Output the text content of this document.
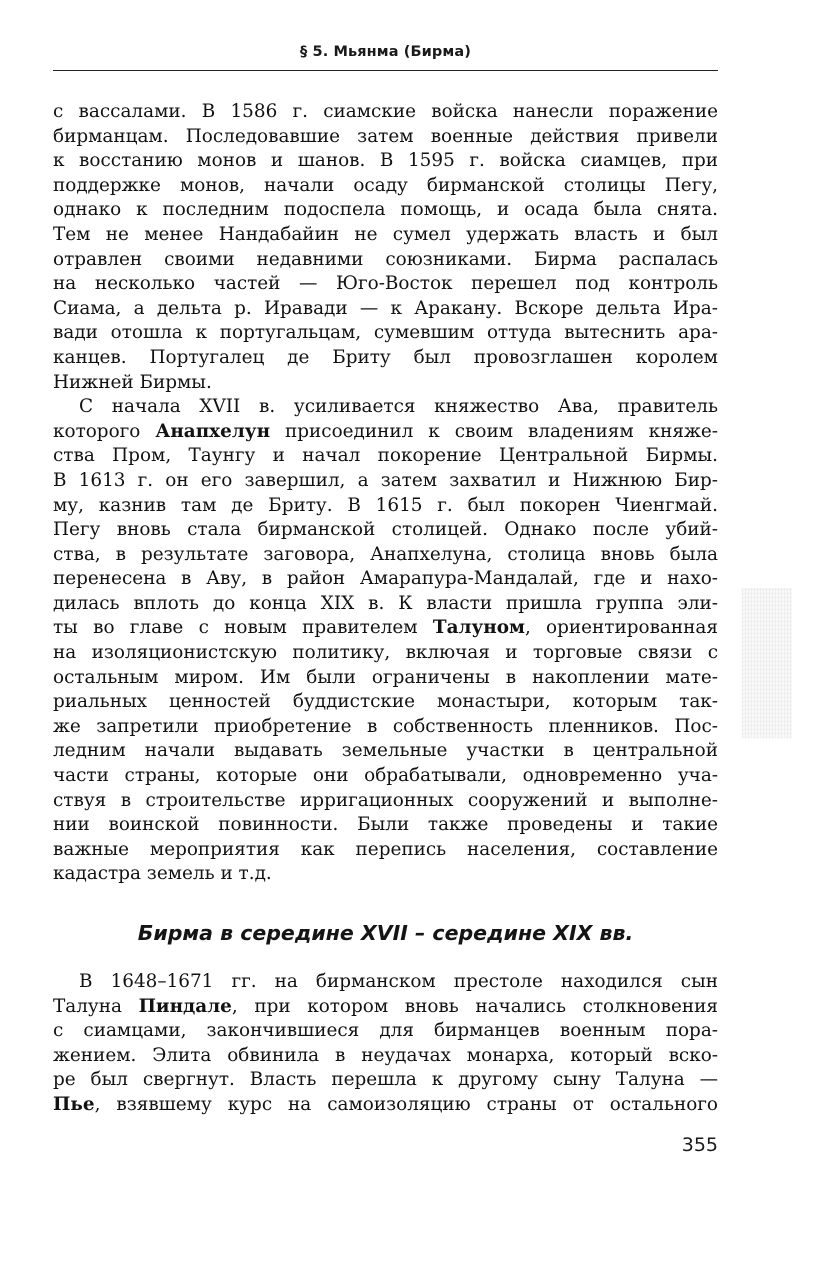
§ 5. Мьянма (Бирма)

с вассалами. В 1586 г. сиамские войска нанесли поражение
бирманцам. Последовавшие затем военные действия привели
к восстанию монов и шанов. В 1595 г. войска сиамцев, при
поддержке монов, начали осаду бирманской столицы Пегу,
однако к последним подоспела помощь, и осада была снята.
Тем не менее Нандабайин не сумел удержать власть и был
отравлен своими недавними союзниками. Бирма распалась
на несколько частей — Юго-Восток перешел под контроль
Сиама, а дельта р. Иравади — к Аракану. Вскоре дельта Ира-
вади отошла к португальцам, сумевшим оттуда вытеснить ара-
канцев. Португалец де Бриту был провозглашен королем
Нижней Бирмы.

С начала XVII в. усиливается княжество Ава, правитель
которого Анапхелун присоединил к своим владениям княже-
ства Пром, Таунгу и начал покорение Центральной Бирмы.
В 1613 г. он его завершил, а затем захватил и Нижнюю Бир-
му, казнив там де Бриту. В 1615 г. был покорен Чиенгмай.
Пегу вновь стала бирманской столицей. Однако после убий-
ства, в результате заговора, Анапхелуна, столица вновь была
перенесена в Аву, в район Амарапура-Мандалай, где и нахо-
дилась вплоть до конца XIX в. К власти пришла группа эли-
ты во главе с новым правителем Талуном, ориентированная
на изоляционистскую политику, включая и торговые связи с
остальным миром. Им были ограничены в накоплении мате-
риальных ценностей буддистские монастыри, которым так-
же запретили приобретение в собственность пленников. Пос-
ледним начали выдавать земельные участки в центральной
части страны, которые они обрабатывали, одновременно уча-
ствуя в строительстве ирригационных сооружений и выполне-
нии воинской повинности. Были также проведены и такие
важные мероприятия как перепись населения, составление
кадастра земель и т.д.

Бирма в середине XVII – середине XIX вв.

В 1648–1671 гг. на бирманском престоле находился сын
Талуна Пиндале, при котором вновь начались столкновения
с сиамцами, закончившиеся для бирманцев военным пора-
жением. Элита обвинила в неудачах монарха, который вско-
ре был свергнут. Власть перешла к другому сыну Талуна —
Пье, взявшему курс на самоизоляцию страны от остального

355
